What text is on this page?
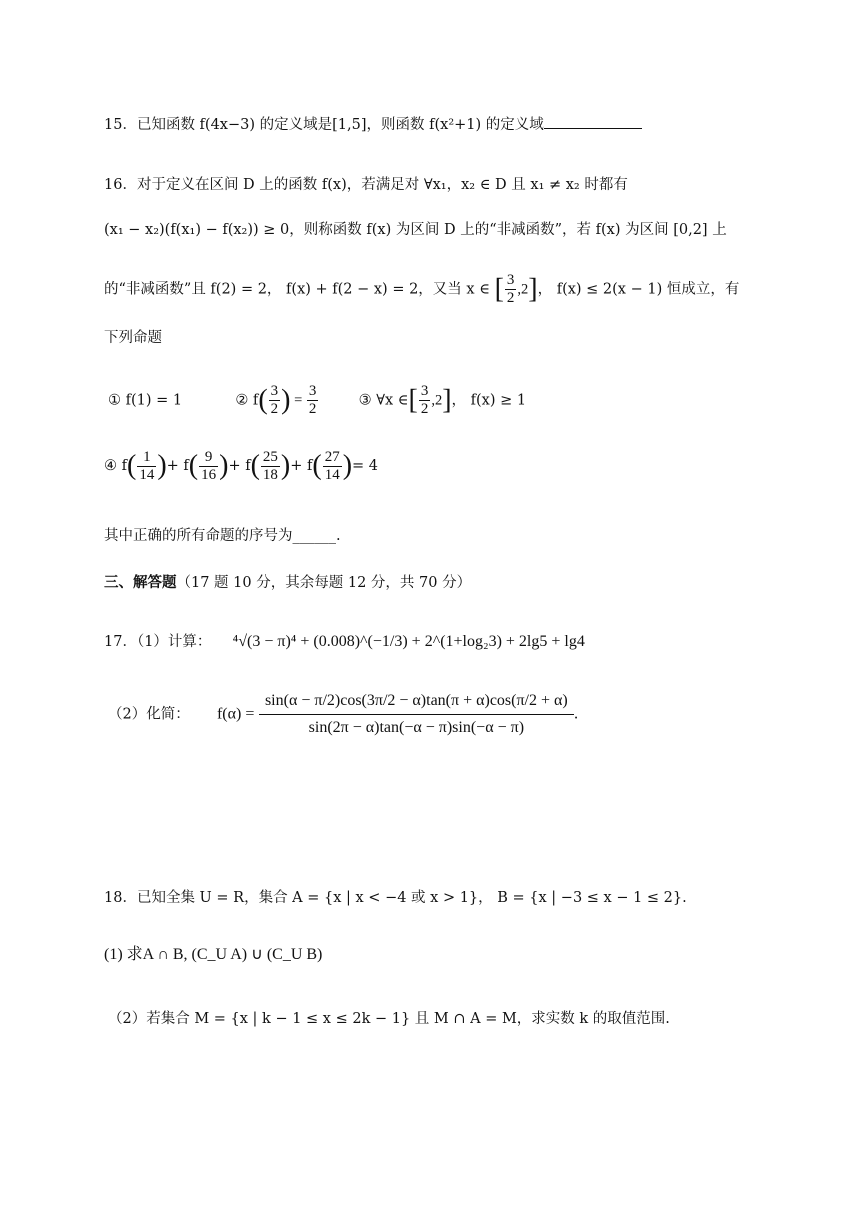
15．已知函数 f(4x−3) 的定义域是[1,5]，则函数 f(x²+1) 的定义域
16．对于定义在区间 D 上的函数 f(x)，若满足对 ∀x₁，x₂ ∈ D 且 x₁ ≠ x₂ 时都有
(x₁ − x₂)(f(x₁) − f(x₂)) ≥ 0，则称函数 f(x) 为区间 D 上的“非减函数”，若 f(x) 为区间 [0,2] 上
的“非减函数”且 f(2) = 2， f(x) + f(2 − x) = 2，又当 x ∈ [ $\frac{3}{2} ,2$]， f(x) ≤ 2(x − 1) 恒成立，有
下列命题
① f(1) = 1	② $f( \frac{3}{2}$ ) = $\frac{3}{2}$	③ ∀x ∈[ $\frac{3}{2} ,2$]， f(x) ≥ 1
④ $f( \frac{1}{14}$ )+ $f( \frac{9}{16}$ )+ $f( \frac{25}{18}$ )+ $f( \frac{27}{14}$ )= 4
其中正确的所有命题的序号为______.
三、解答题（17 题 10 分，其余每题 12 分，共 70 分）
17．（1）计算： ⁴√(3 − π)⁴ + (0.008)^(−1/3) + 2^(1+log₂3) + 2lg5 + lg4
（2）化简： $f(\alpha) = \frac{\sin(\alpha - \pi/2)\cos(3\pi/2 - \alpha)\tan(\pi + \alpha)\cos(\pi/2 + \alpha)}{\sin(2\pi - \alpha)\tan(-\alpha - \pi)\sin(-\alpha - \pi)}$ .
18．已知全集 U = R，集合 A = {x | x < −4 或 x > 1}， B = {x | −3 ≤ x − 1 ≤ 2}.
(1) 求A ∩ B, (C_U A) ∪ (C_U B)
（2）若集合 M = {x | k − 1 ≤ x ≤ 2k − 1} 且 M ∩ A = M，求实数 k 的取值范围.
